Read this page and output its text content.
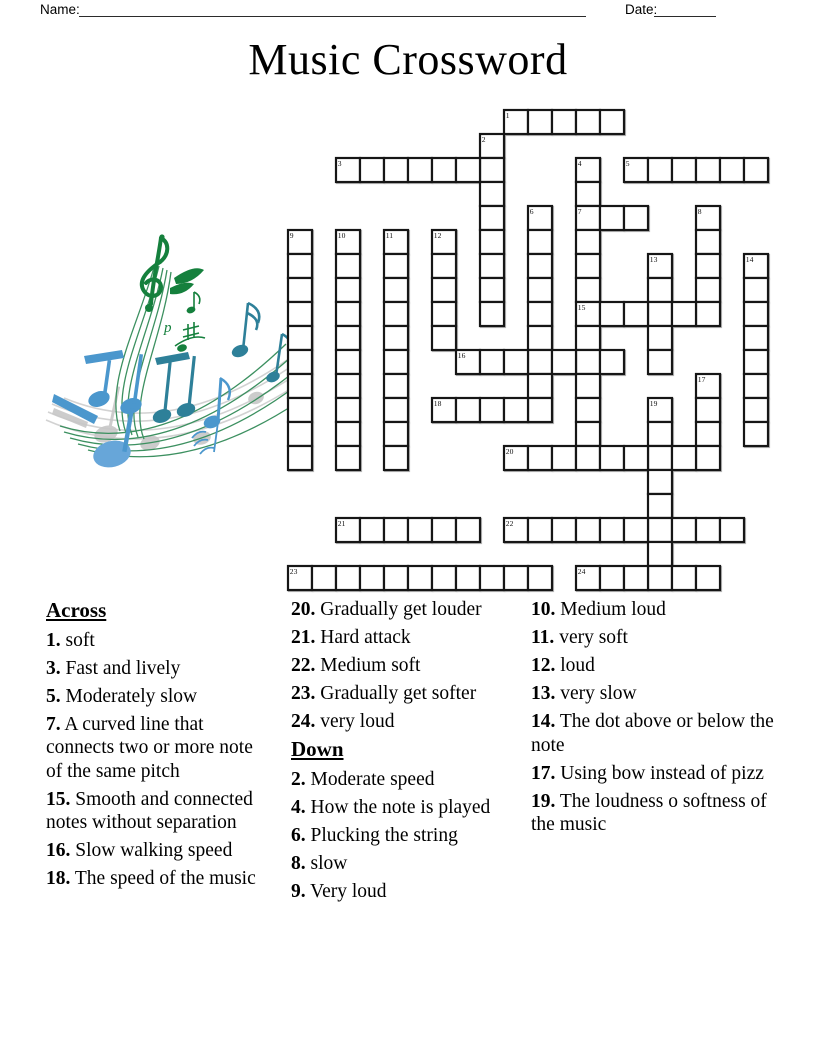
Name:	Date:
Music Crossword
p
1
2
3	4	5
6	7	8
9	10	11	12
13	14
15
16
17
18	19
20
21	22
23	24
Across
1. soft
3. Fast and lively
5. Moderately slow
7. A curved line that connects two or more note of the same pitch
15. Smooth and connected notes without separation
16. Slow walking speed
18. The speed of the music
20. Gradually get louder
21. Hard attack
22. Medium soft
23. Gradually get softer
24. very loud
Down
2. Moderate speed
4. How the note is played
6. Plucking the string
8. slow
9. Very loud
10. Medium loud
11. very soft
12. loud
13. very slow
14. The dot above or below the note
17. Using bow instead of pizz
19. The loudness o softness of the music
